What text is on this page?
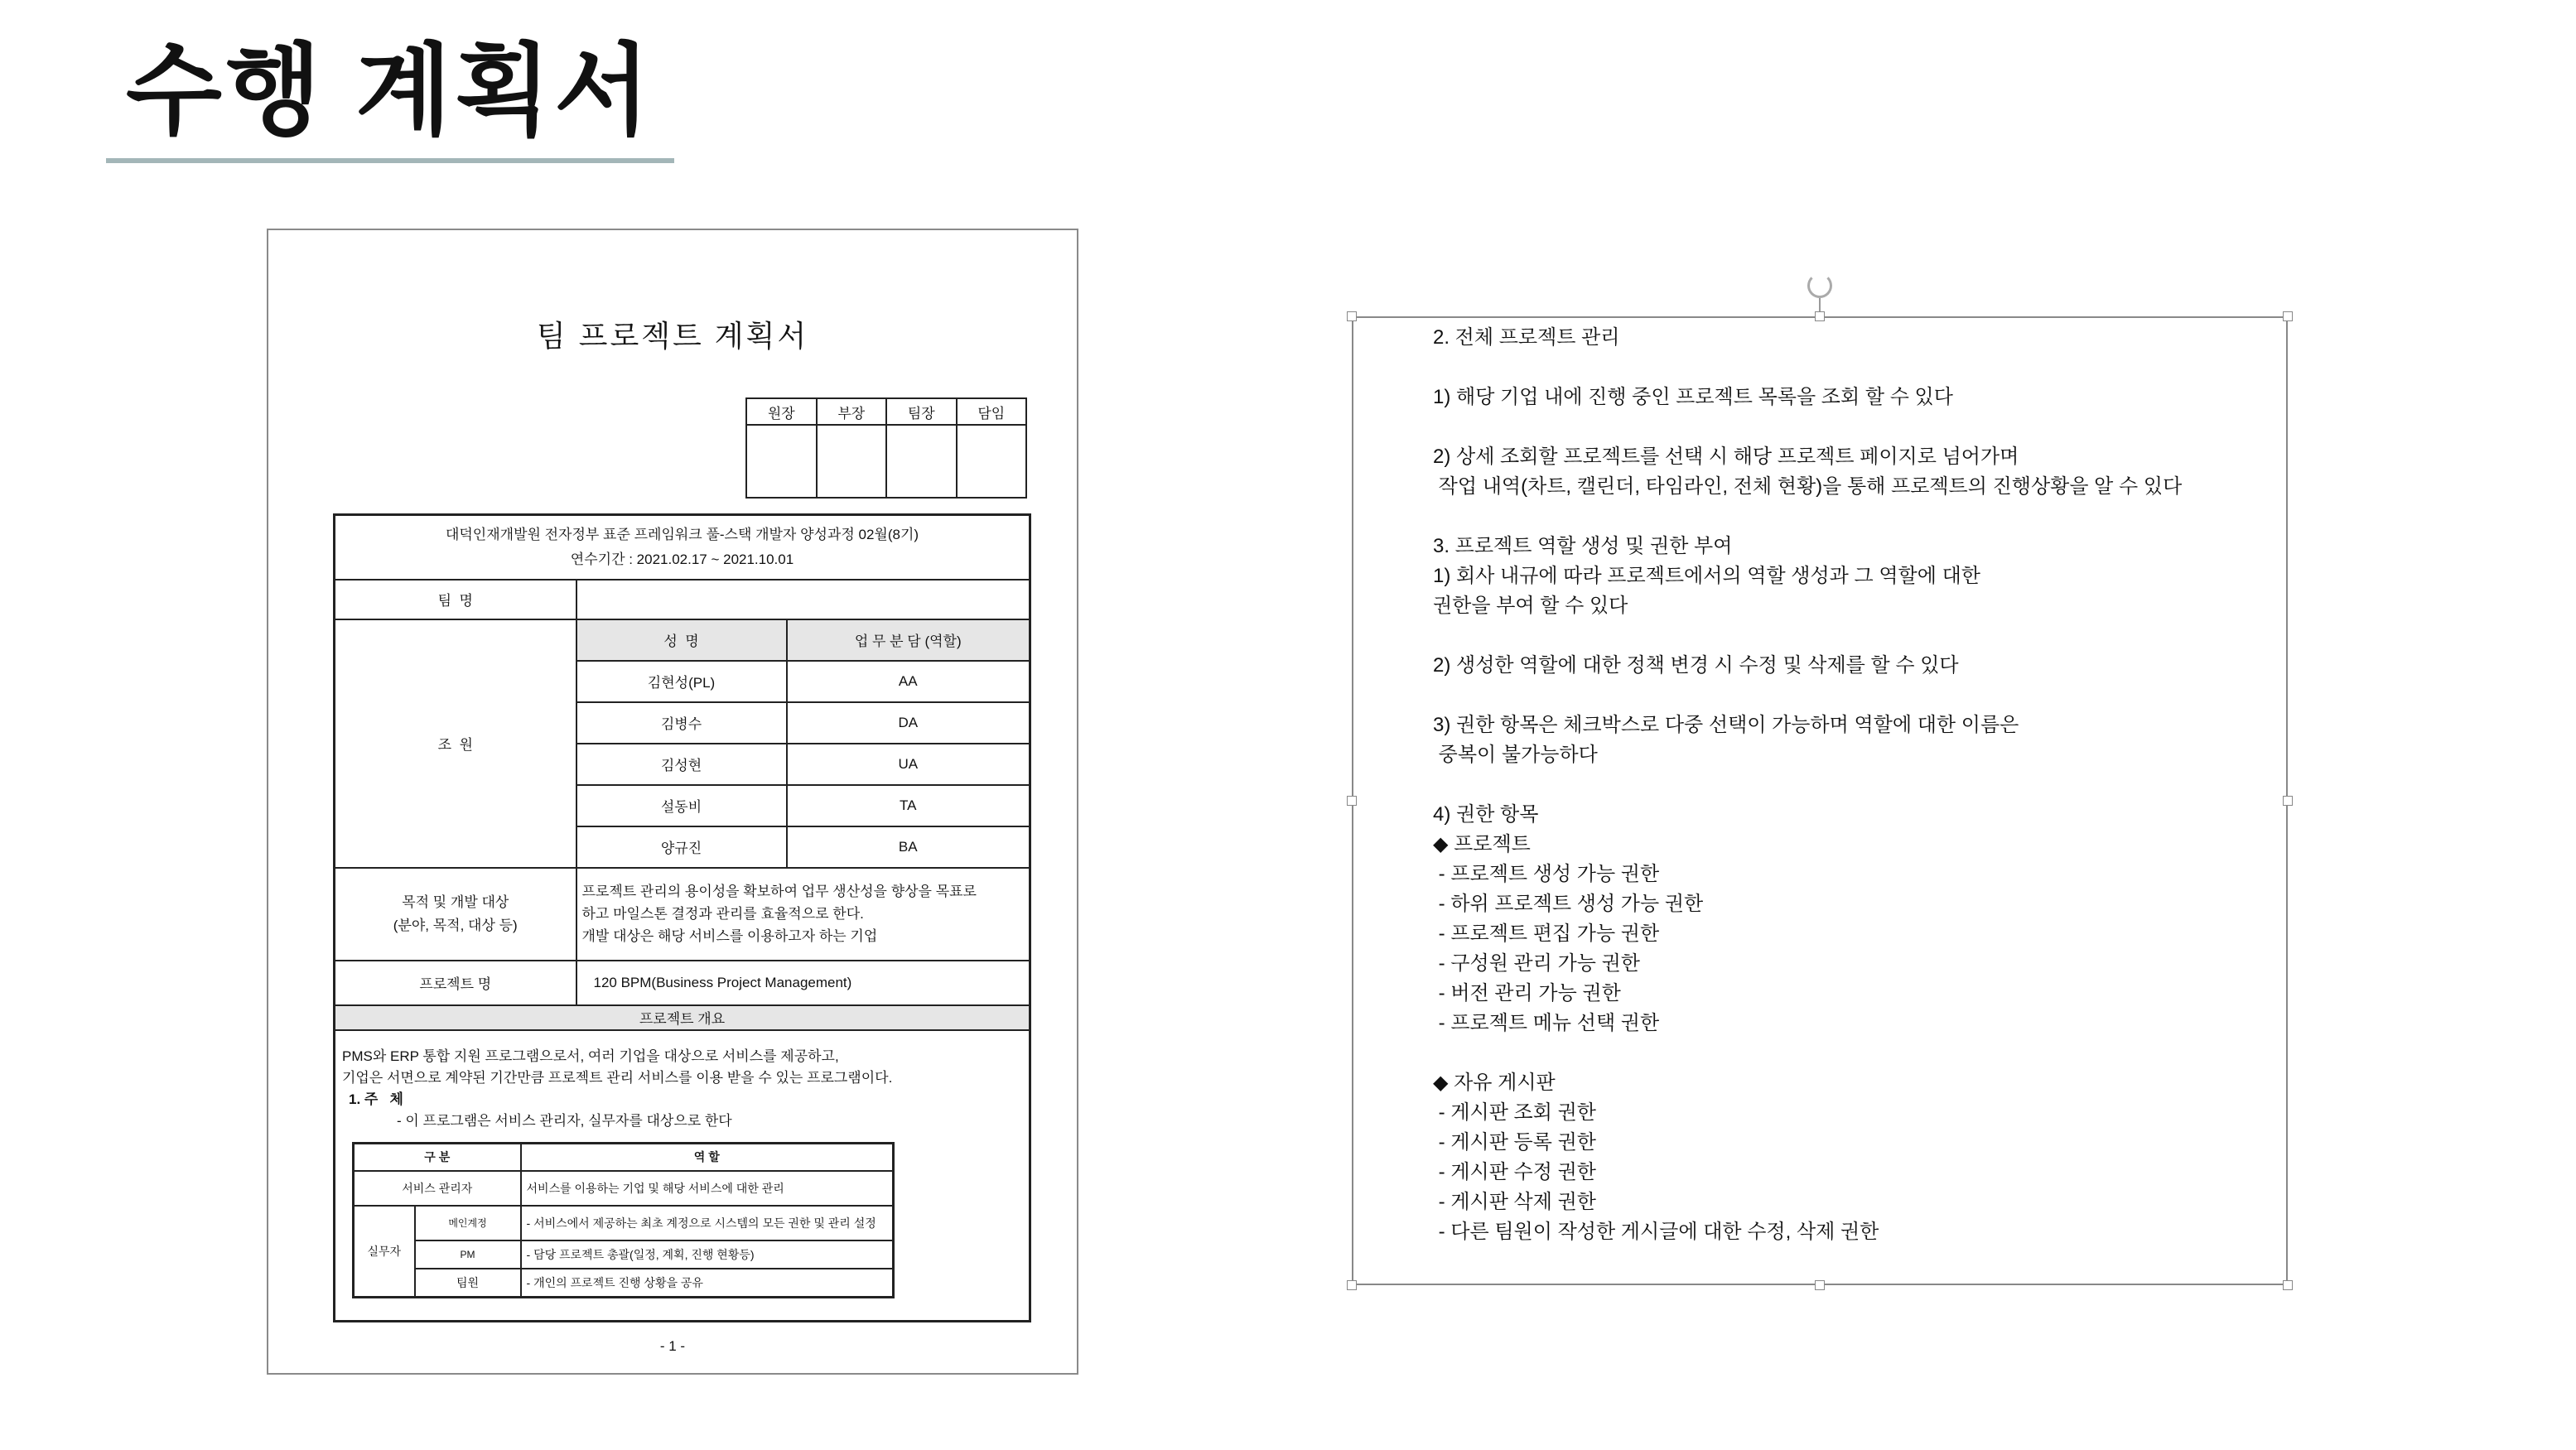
수행 계획서
팀 프로젝트 계획서
원장	부장	팀장	담임

대덕인재개발원 전자정부 표준 프레임워크 풀-스택 개발자 양성과정 02월(8기)
연수기간 : 2021.02.17 ~ 2021.10.01

팀  명	
조  원	성  명	업 무 분 담 (역할)
김현성(PL)	AA
김병수	DA
김성현	UA
설동비	TA
양규진	BA

목적 및 개발 대상
(분야, 목적, 대상 등)

프로젝트 관리의 용이성을 확보하여 업무 생산성을 향상을 목표로
하고 마일스톤 결정과 관리를 효율적으로 한다.
개발 대상은 해당 서비스를 이용하고자 하는 기업

프로젝트 명	120 BPM(Business Project Management)
프로젝트 개요

PMS와 ERP 통합 지원 프로그램으로서, 여러 기업을 대상으로 서비스를 제공하고,
기업은 서면으로 계약된 기간만큼 프로젝트 관리 서비스를 이용 받을 수 있는 프로그램이다.
1. 주   체
- 이 프로그램은 서비스 관리자, 실무자를 대상으로 한다
구 분	역 할
서비스 관리자	서비스를 이용하는 기업 및 해당 서비스에 대한 관리
실무자	메인계정	- 서비스에서 제공하는 최초 계정으로 시스템의 모든 권한 및 관리 설정
PM	- 담당 프로젝트 총괄(일정, 계획, 진행 현황등)
팀원	- 개인의 프로젝트 진행 상황을 공유
- 1 -
2. 전체 프로젝트 관리
1) 해당 기업 내에 진행 중인 프로젝트 목록을 조회 할 수 있다
2) 상세 조회할 프로젝트를 선택 시 해당 프로젝트 페이지로 넘어가며
작업 내역(차트, 캘린더, 타임라인, 전체 현황)을 통해 프로젝트의 진행상황을 알 수 있다
3. 프로젝트 역할 생성 및 권한 부여
1) 회사 내규에 따라 프로젝트에서의 역할 생성과 그 역할에 대한
권한을 부여 할 수 있다
2) 생성한 역할에 대한 정책 변경 시 수정 및 삭제를 할 수 있다
3) 권한 항목은 체크박스로 다중 선택이 가능하며 역할에 대한 이름은
중복이 불가능하다
4) 권한 항목
◆ 프로젝트
- 프로젝트 생성 가능 권한
- 하위 프로젝트 생성 가능 권한
- 프로젝트 편집 가능 권한
- 구성원 관리 가능 권한
- 버전 관리 가능 권한
- 프로젝트 메뉴 선택 권한
◆ 자유 게시판
- 게시판 조회 권한
- 게시판 등록 권한
- 게시판 수정 권한
- 게시판 삭제 권한
- 다른 팀원이 작성한 게시글에 대한 수정, 삭제 권한
